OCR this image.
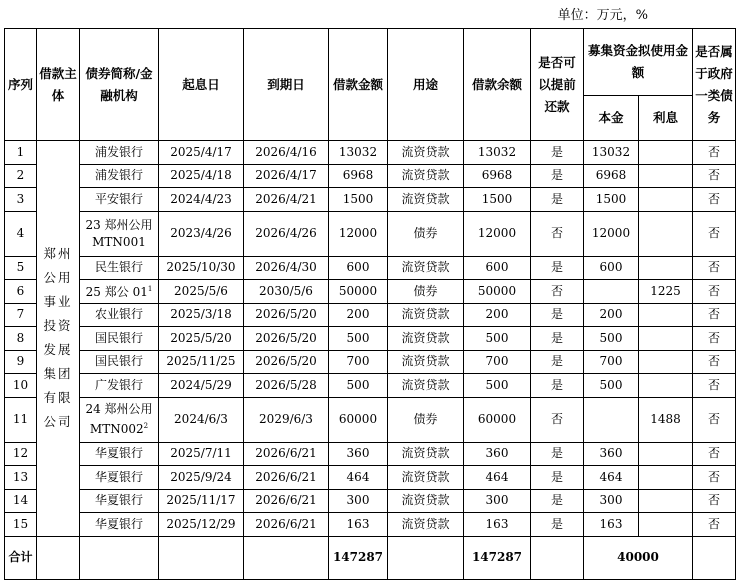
单位：万元，%
序列	借款主体	债券简称/金融机构	起息日	到期日	借款金额	用途	借款余额	是否可以提前还款	募集资金拟使用金额		是否属于政府一类债务
									本金	利息	
1	郑州公用事业投资发展集团有限公司	浦发银行	2025/4/17	2026/4/16	13032	流资贷款	13032	是	13032		否
2		浦发银行	2025/4/18	2026/4/17	6968	流资贷款	6968	是	6968		否
3		平安银行	2024/4/23	2026/4/21	1500	流资贷款	1500	是	1500		否
4		23 郑州公用 MTN001	2023/4/26	2026/4/26	12000	债券	12000	否	12000		否
5		民生银行	2025/10/30	2026/4/30	600	流资贷款	600	是	600		否
6		25 郑公 $01^1$	2025/5/6	2030/5/6	50000	债券	50000	否		1225	否
7		农业银行	2025/3/18	2026/5/20	200	流资贷款	200	是	200		否
8		国民银行	2025/5/20	2026/5/20	500	流资贷款	500	是	500		否
9		国民银行	2025/11/25	2026/5/20	700	流资贷款	700	是	700		否
10		广发银行	2024/5/29	2026/5/28	500	流资贷款	500	是	500		否
11		24 郑州公用 $MTN002^2$	2024/6/3	2029/6/3	60000	债券	60000	否		1488	否
12		华夏银行	2025/7/11	2026/6/21	360	流资贷款	360	是	360		否
13		华夏银行	2025/9/24	2026/6/21	464	流资贷款	464	是	464		否
14		华夏银行	2025/11/17	2026/6/21	300	流资贷款	300	是	300		否
15		华夏银行	2025/12/29	2026/6/21	163	流资贷款	163	是	163		否
合计					147287		147287		40000		
